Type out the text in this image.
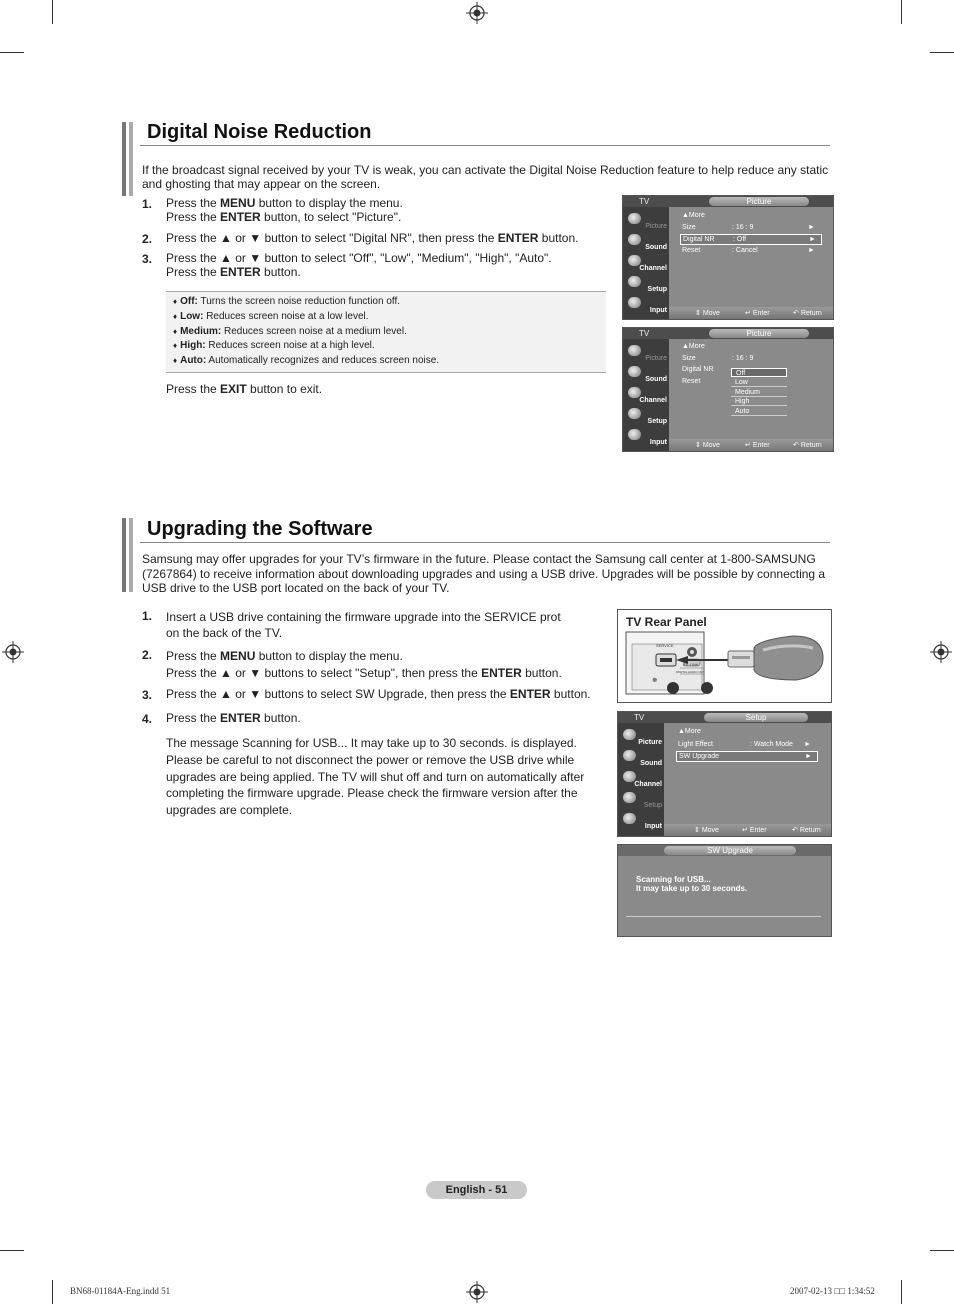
Digital Noise Reduction
If the broadcast signal received by your TV is weak, you can activate the Digital Noise Reduction feature to help reduce any static and ghosting that may appear on the screen.
1. Press the MENU button to display the menu.
Press the ENTER button, to select "Picture".
2. Press the ▲ or ▼ button to select "Digital NR", then press the ENTER button.
3. Press the ▲ or ▼ button to select "Off", "Low", "Medium", "High", "Auto".
Press the ENTER button.
♦ Off: Turns the screen noise reduction function off.
♦ Low: Reduces screen noise at a low level.
♦ Medium: Reduces screen noise at a medium level.
♦ High: Reduces screen noise at a high level.
♦ Auto: Automatically recognizes and reduces screen noise.
Press the EXIT button to exit.
TV	Picture
Picture
Sound
Channel
Setup
Input
▲More
Size	: 16 : 9	►
Digital NR	: Off	►
Reset	: Cancel	►
⇕ Move	↵ Enter	↶ Return
TV	Picture
Picture
Sound
Channel
Setup
Input
▲More
Size	: 16 : 9
Digital NR
Reset
Off
Low
Medium
High
Auto
⇕ Move	↵ Enter	↶ Return
Upgrading the Software
Samsung may offer upgrades for your TV’s firmware in the future. Please contact the Samsung call center at 1-800-SAMSUNG (7267864) to receive information about downloading upgrades and using a USB drive. Upgrades will be possible by connecting a USB drive to the USB port located on the back of your TV.
1. Insert a USB drive containing the firmware upgrade into the SERVICE prot
on the back of the TV.
2. Press the MENU button to display the menu.
Press the ▲ or ▼ buttons to select "Setup", then press the ENTER button.
3. Press the ▲ or ▼ buttons to select SW Upgrade, then press the ENTER button.
4. Press the ENTER button.
The message Scanning for USB... It may take up to 30 seconds. is displayed.
Please be careful to not disconnect the power or remove the USB drive while
upgrades are being applied. The TV will shut off and turn on automatically after
completing the firmware upgrade. Please check the firmware version after the
upgrades are complete.
TV Rear Panel
☸
SERVICE
EX-LINK
DIGITAL AUDIO OUT
TV	Setup
Picture
Sound
Channel
Setup
Input
▲More
Light Effect	: Watch Mode ►
SW Upgrade	►
⇕ Move	↵ Enter	↶ Return
SW Upgrade
Scanning for USB...
It may take up to 30 seconds.
English - 51
BN68-01184A-Eng.indd 51	2007-02-13 □□ 1:34:52
